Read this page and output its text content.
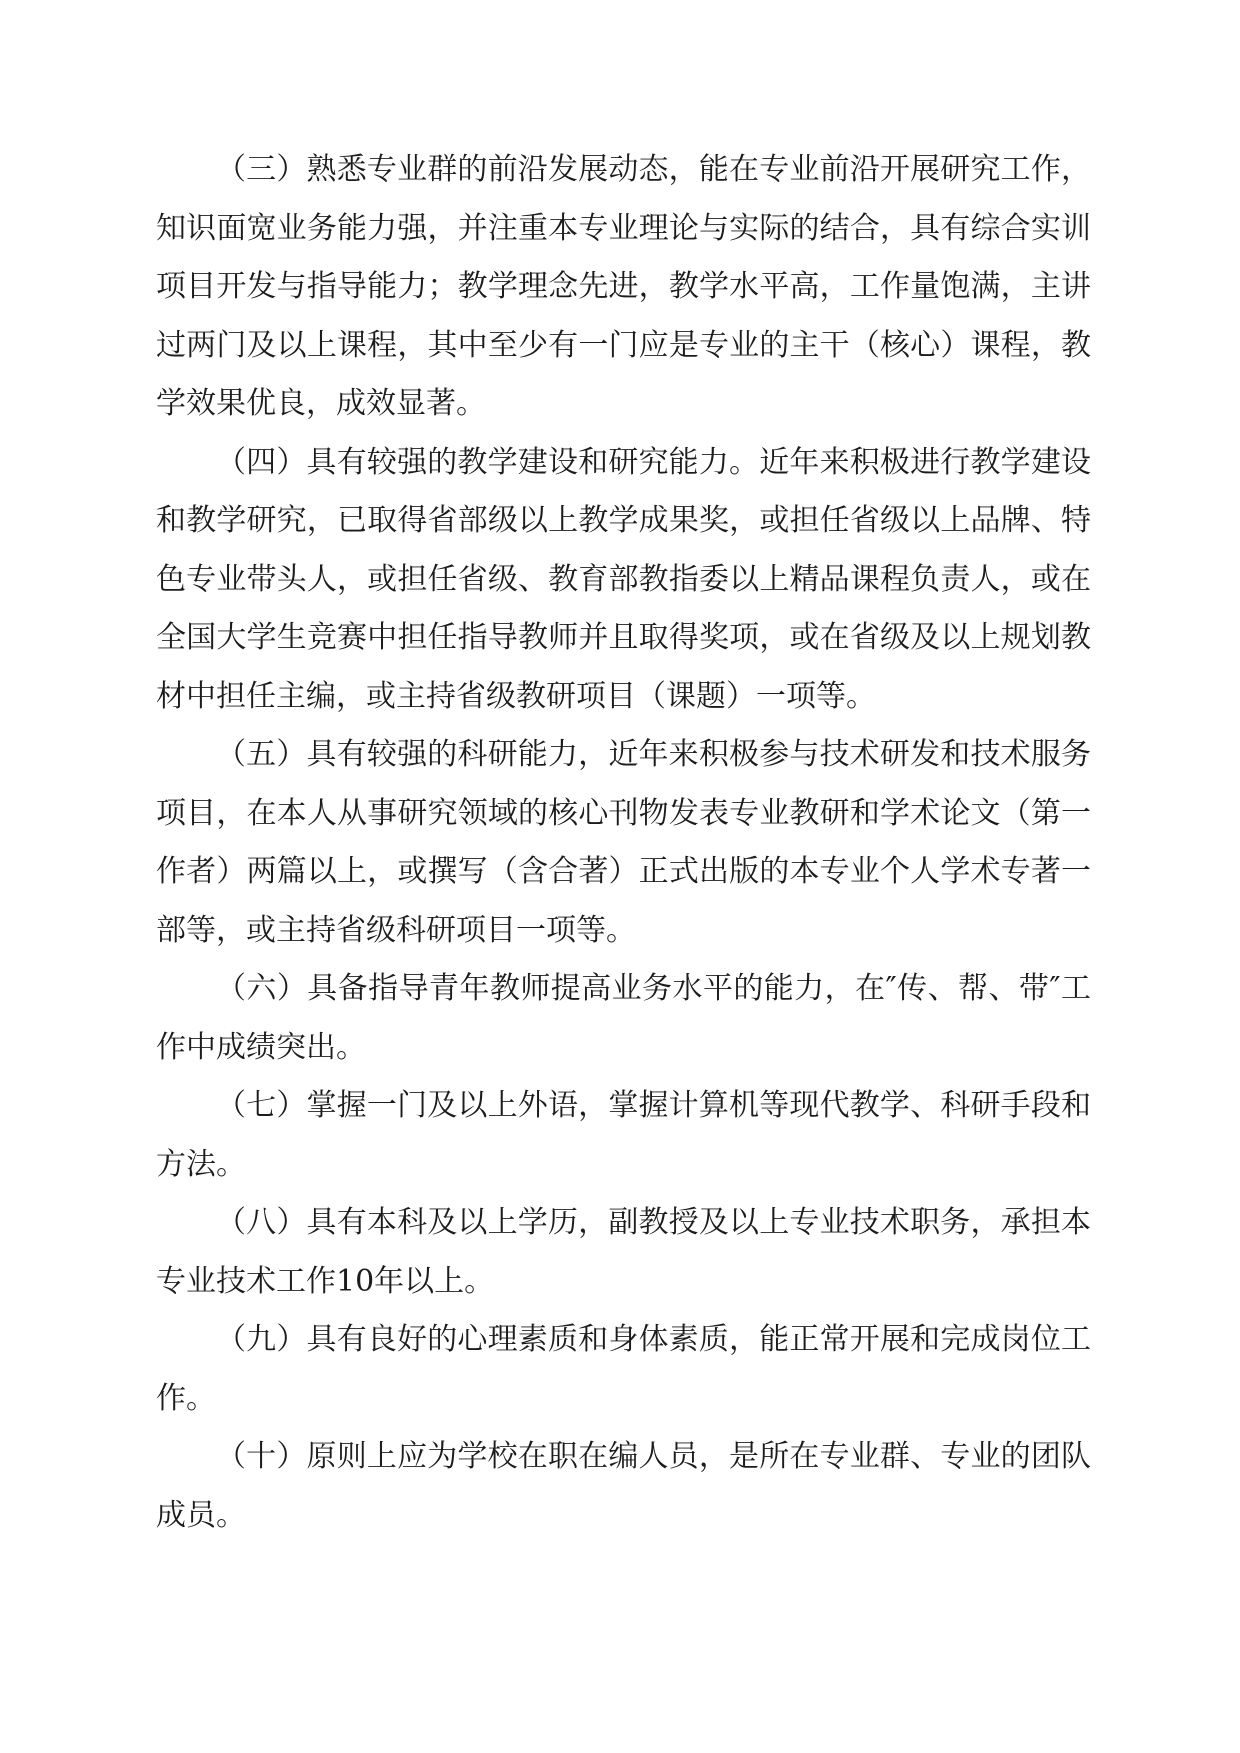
（三）熟悉专业群的前沿发展动态，能在专业前沿开展研究工作，知识面宽业务能力强，并注重本专业理论与实际的结合，具有综合实训项目开发与指导能力；教学理念先进，教学水平高，工作量饱满，主讲过两门及以上课程，其中至少有一门应是专业的主干（核心）课程，教学效果优良，成效显著。

（四）具有较强的教学建设和研究能力。近年来积极进行教学建设和教学研究，已取得省部级以上教学成果奖，或担任省级以上品牌、特色专业带头人，或担任省级、教育部教指委以上精品课程负责人，或在全国大学生竞赛中担任指导教师并且取得奖项，或在省级及以上规划教材中担任主编，或主持省级教研项目（课题）一项等。

（五）具有较强的科研能力，近年来积极参与技术研发和技术服务项目，在本人从事研究领域的核心刊物发表专业教研和学术论文（第一作者）两篇以上，或撰写（含合著）正式出版的本专业个人学术专著一部等，或主持省级科研项目一项等。

（六）具备指导青年教师提高业务水平的能力，在″传、帮、带″工作中成绩突出。

（七）掌握一门及以上外语，掌握计算机等现代教学、科研手段和方法。

（八）具有本科及以上学历，副教授及以上专业技术职务，承担本专业技术工作10年以上。

（九）具有良好的心理素质和身体素质，能正常开展和完成岗位工作。

（十）原则上应为学校在职在编人员，是所在专业群、专业的团队成员。
